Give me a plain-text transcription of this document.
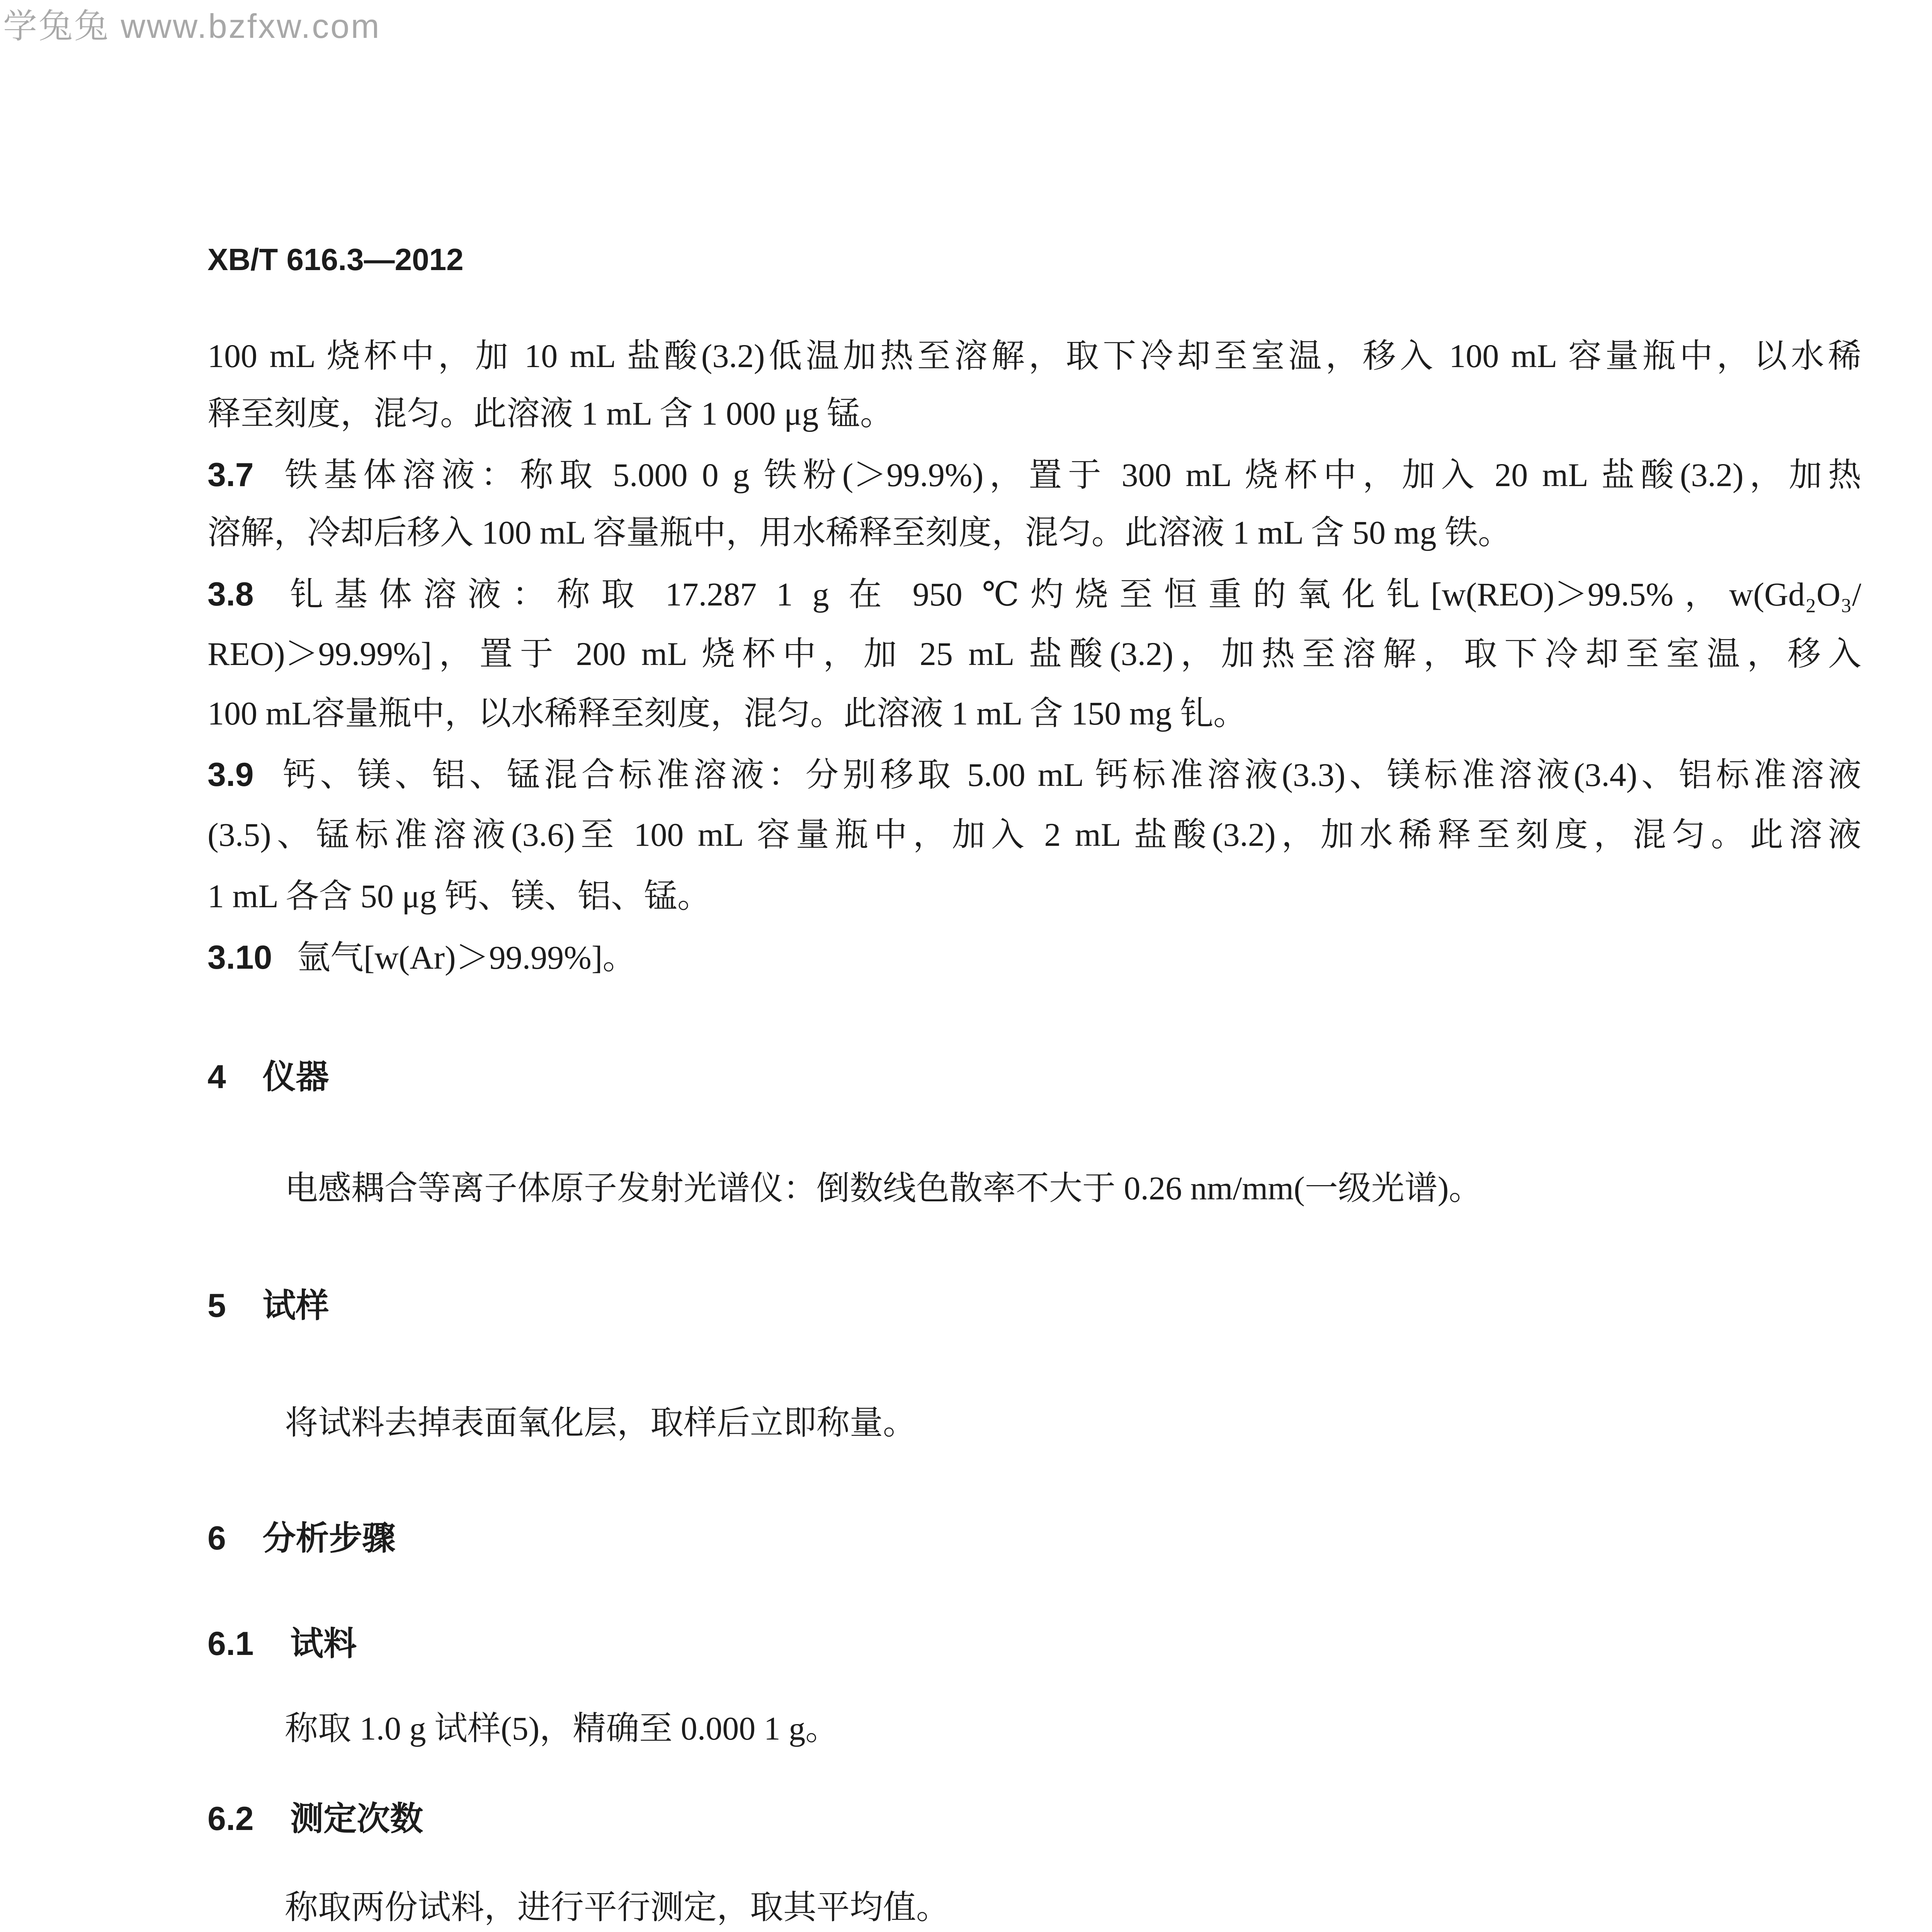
学兔兔 www.bzfxw.com
XB/T 616.3—2012
100 mL 烧杯中，加 10 mL 盐酸(3.2)低温加热至溶解，取下冷却至室温，移入 100 mL 容量瓶中，以水稀
释至刻度，混匀。此溶液 1 mL 含 1 000 μg 锰。
3.7 铁基体溶液：称取 5.000 0 g 铁粉(＞99.9%)，置于 300 mL 烧杯中，加入 20 mL 盐酸(3.2)，加热
溶解，冷却后移入 100 mL 容量瓶中，用水稀释至刻度，混匀。此溶液 1 mL 含 50 mg 铁。
3.8 钆基体溶液：称取 17.287 1 g 在 950 ℃灼烧至恒重的氧化钆[w(REO)＞99.5%，w(Gd₂O₃/
REO)＞99.99%]，置于 200 mL 烧杯中，加 25 mL 盐酸(3.2)，加热至溶解，取下冷却至室温，移入
100 mL容量瓶中，以水稀释至刻度，混匀。此溶液 1 mL 含 150 mg 钆。
3.9 钙、镁、铝、锰混合标准溶液：分别移取 5.00 mL 钙标准溶液(3.3)、镁标准溶液(3.4)、铝标准溶液
(3.5)、锰标准溶液(3.6)至 100 mL 容量瓶中，加入 2 mL 盐酸(3.2)，加水稀释至刻度，混匀。此溶液
1 mL 各含 50 μg 钙、镁、铝、锰。
3.10 氩气[w(Ar)＞99.99%]。
4 仪器
电感耦合等离子体原子发射光谱仪：倒数线色散率不大于 0.26 nm/mm(一级光谱)。
5 试样
将试料去掉表面氧化层，取样后立即称量。
6 分析步骤
6.1 试料
称取 1.0 g 试样(5)，精确至 0.000 1 g。
6.2 测定次数
称取两份试料，进行平行测定，取其平均值。
